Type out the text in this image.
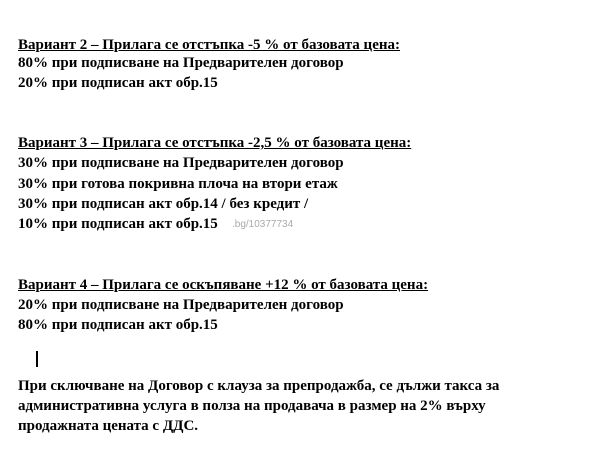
Вариант 2 – Прилага се отстъпка -5 % от базовата цена:
80% при подписване на Предварителен договор
20% при подписан акт обр.15
Вариант 3 – Прилага се отстъпка -2,5 % от базовата цена:
30% при подписване на Предварителен договор
30% при готова покривна плоча на втори етаж
30% при подписан акт обр.14 / без кредит /
10% при подписан акт обр.15 .bg/10377734
Вариант 4 – Прилага се оскъпяване +12 % от базовата цена:
20% при подписване на Предварителен договор
80% при подписан акт обр.15
При сключване на Договор с клауза за препродажба, се дължи такса за
административна услуга в полза на продавача в размер на 2% върху
продажната цената с ДДС.
